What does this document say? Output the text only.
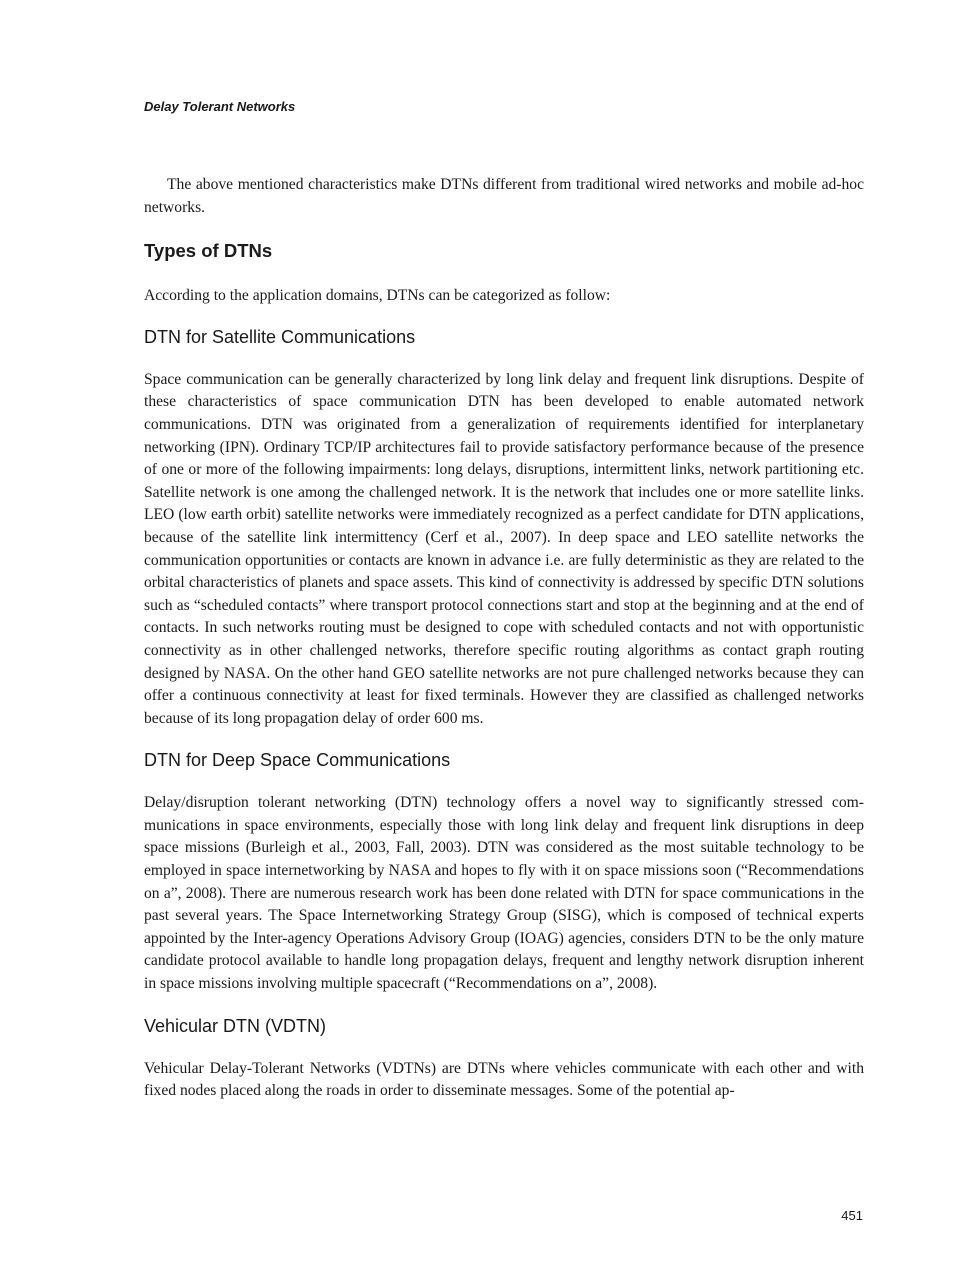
Delay Tolerant Networks

The above mentioned characteristics make DTNs different from traditional wired networks and mobile ad-hoc networks.

Types of DTNs

According to the application domains, DTNs can be categorized as follow:

DTN for Satellite Communications

Space communication can be generally characterized by long link delay and frequent link disruptions. Despite of these characteristics of space communication DTN has been developed to enable automated network communications. DTN was originated from a generalization of requirements identified for interplanetary networking (IPN). Ordinary TCP/IP architectures fail to provide satisfactory performance because of the presence of one or more of the following impairments: long delays, disruptions, intermittent links, network partitioning etc. Satellite network is one among the challenged network. It is the network that includes one or more satellite links. LEO (low earth orbit) satellite networks were immediately recognized as a perfect candidate for DTN applications, because of the satellite link intermittency (Cerf et al., 2007). In deep space and LEO satellite networks the communication opportunities or contacts are known in advance i.e. are fully deterministic as they are related to the orbital characteristics of planets and space assets. This kind of connectivity is addressed by specific DTN solutions such as “scheduled contacts” where transport protocol connections start and stop at the beginning and at the end of contacts. In such networks routing must be designed to cope with scheduled contacts and not with opportunistic connectivity as in other challenged networks, therefore specific routing algorithms as contact graph routing designed by NASA. On the other hand GEO satellite networks are not pure challenged networks because they can offer a continuous connectivity at least for fixed terminals. However they are classified as challenged networks because of its long propagation delay of order 600 ms.

DTN for Deep Space Communications

Delay/disruption tolerant networking (DTN) technology offers a novel way to significantly stressed communications in space environments, especially those with long link delay and frequent link disruptions in deep space missions (Burleigh et al., 2003, Fall, 2003). DTN was considered as the most suitable technology to be employed in space internetworking by NASA and hopes to fly with it on space missions soon (“Recommendations on a”, 2008). There are numerous research work has been done related with DTN for space communications in the past several years. The Space Internetworking Strategy Group (SISG), which is composed of technical experts appointed by the Inter-agency Operations Advisory Group (IOAG) agencies, considers DTN to be the only mature candidate protocol available to handle long propagation delays, frequent and lengthy network disruption inherent in space missions involving multiple spacecraft (“Recommendations on a”, 2008).

Vehicular DTN (VDTN)

Vehicular Delay-Tolerant Networks (VDTNs) are DTNs where vehicles communicate with each other and with fixed nodes placed along the roads in order to disseminate messages. Some of the potential ap-

451
